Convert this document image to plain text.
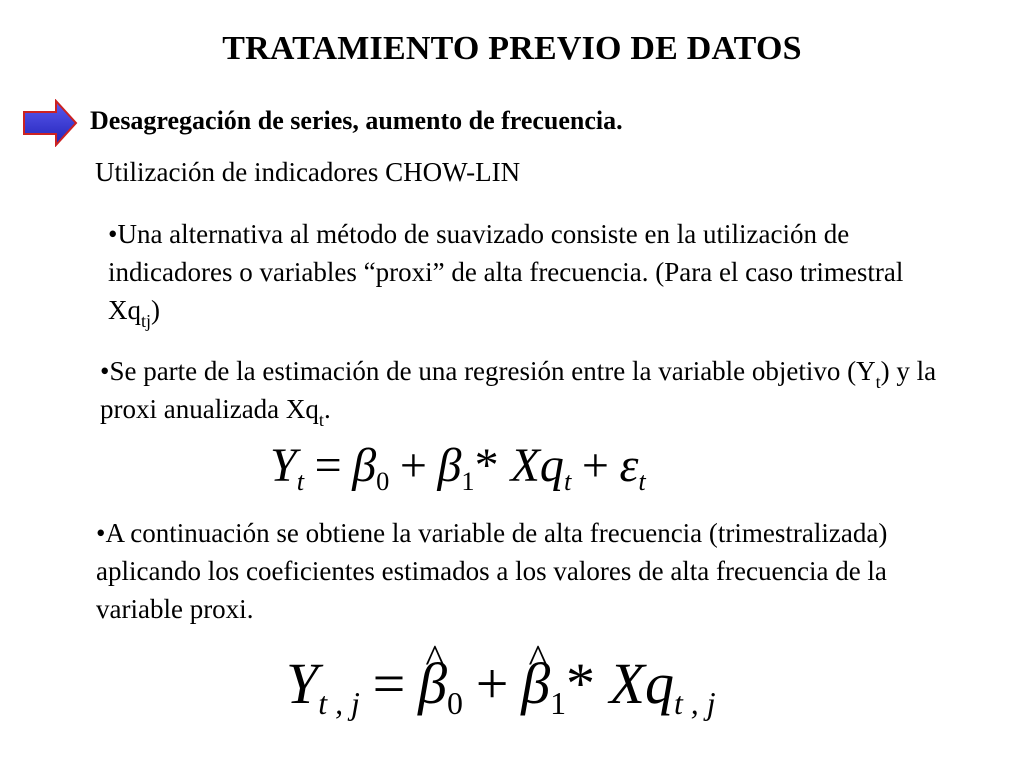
TRATAMIENTO PREVIO DE DATOS
Desagregación de series, aumento de frecuencia.
Utilización de indicadores CHOW-LIN
•Una alternativa al método de suavizado consiste en la utilización de indicadores o variables “proxi” de alta frecuencia. (Para el caso trimestral $Xq_{tj}$)
•Se parte de la estimación de una regresión entre la variable objetivo $(Y_t)$ y la proxi anualizada $Xq_t$.
Yt = β0 + β1* Xqt + εt
•A continuación se obtiene la variable de alta frecuencia (trimestralizada) aplicando los coeficientes estimados a los valores de alta frecuencia de la variable proxi.
Yt , j = ^ β0 + ^ β1* Xqt , j
